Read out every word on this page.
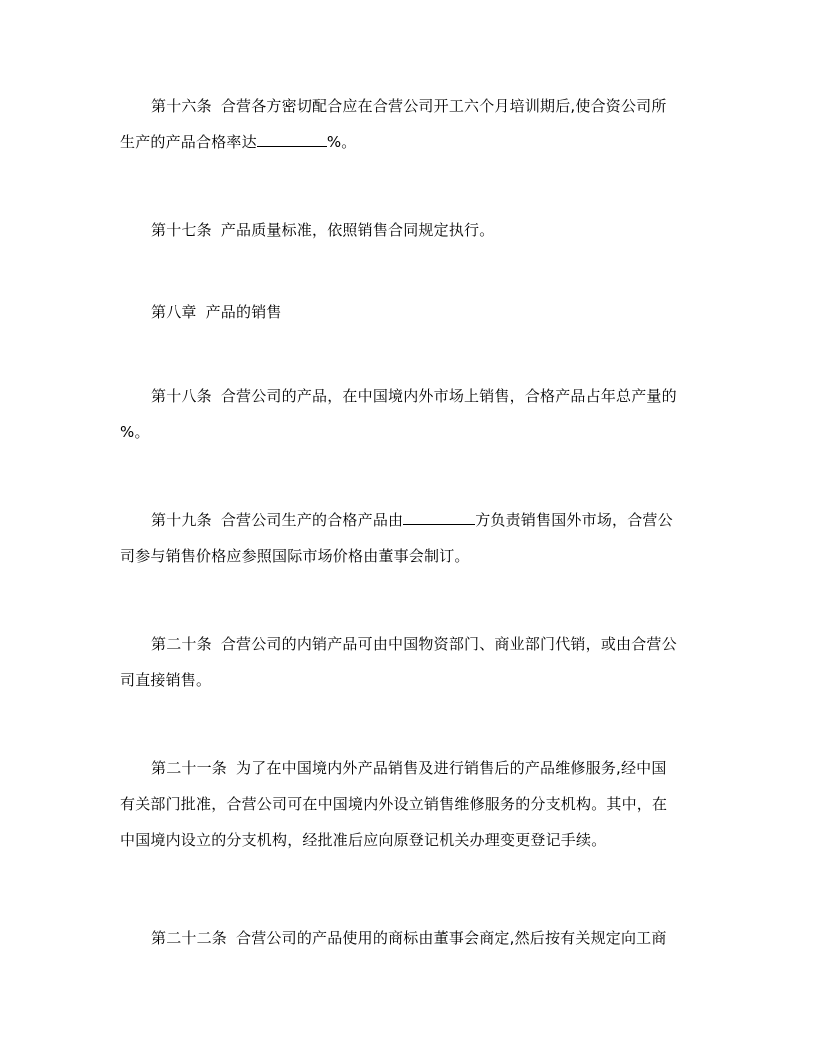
第十六条 合营各方密切配合应在合营公司开工六个月培训期后,使合资公司所
生产的产品合格率达	%。
第十七条 产品质量标准，依照销售合同规定执行。
第八章 产品的销售
第十八条 合营公司的产品，在中国境内外市场上销售，合格产品占年总产量的
%。
第十九条 合营公司生产的合格产品由	方负责销售国外市场，合营公
司参与销售价格应参照国际市场价格由董事会制订。
第二十条 合营公司的内销产品可由中国物资部门、商业部门代销，或由合营公
司直接销售。
第二十一条 为了在中国境内外产品销售及进行销售后的产品维修服务,经中国
有关部门批准，合营公司可在中国境内外设立销售维修服务的分支机构。其中，在
中国境内设立的分支机构，经批准后应向原登记机关办理变更登记手续。
第二十二条 合营公司的产品使用的商标由董事会商定,然后按有关规定向工商
